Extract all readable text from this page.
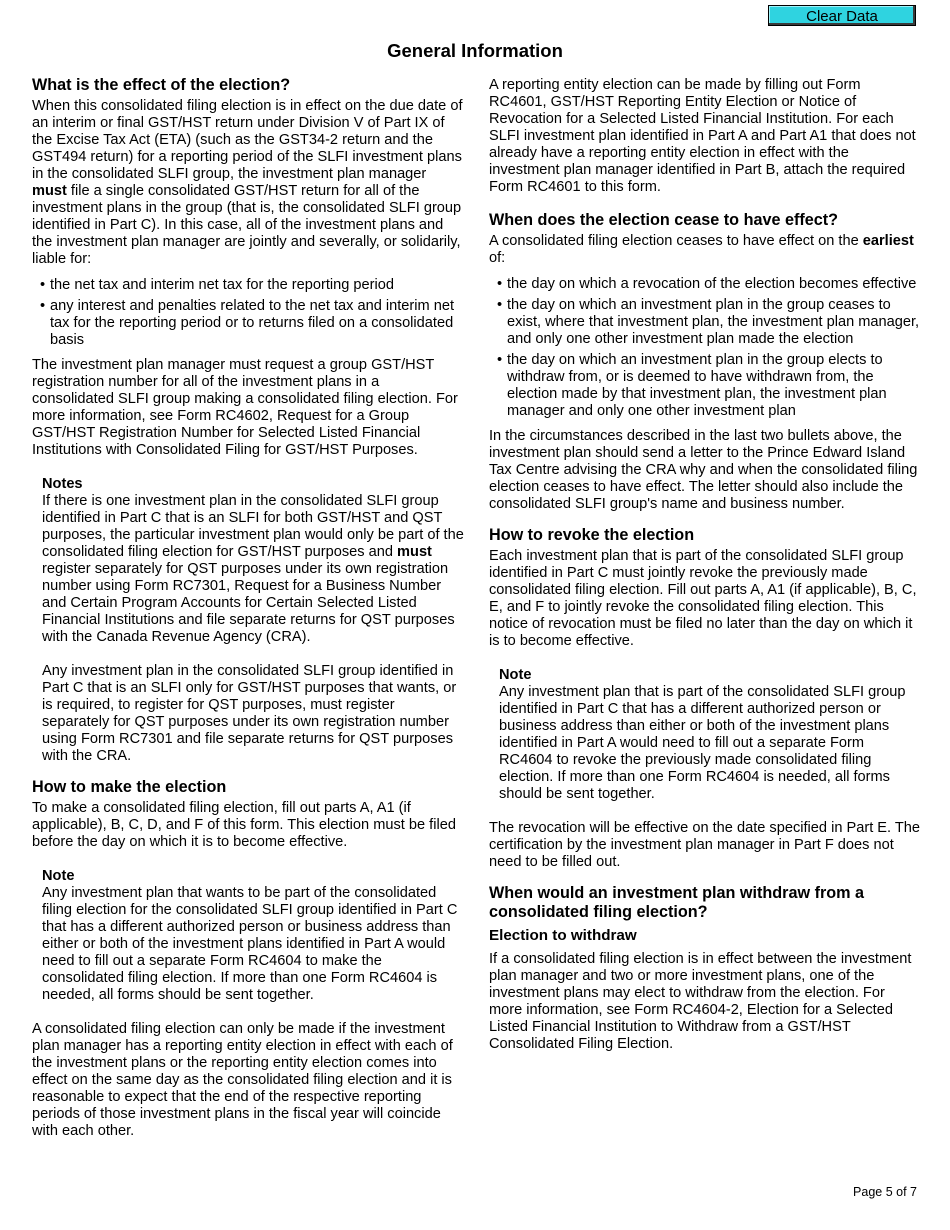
Clear Data
General Information
What is the effect of the election?

When this consolidated filing election is in effect on the due date of an interim or final GST/HST return under Division V of Part IX of the Excise Tax Act (ETA) (such as the GST34-2 return and the GST494 return) for a reporting period of the SLFI investment plans in the consolidated SLFI group, the investment plan manager must file a single consolidated GST/HST return for all of the investment plans in the group (that is, the consolidated SLFI group identified in Part C). In this case, all of the investment plans and the investment plan manager are jointly and severally, or solidarily, liable for:

• the net tax and interim net tax for the reporting period
• any interest and penalties related to the net tax and interim net tax for the reporting period or to returns filed on a consolidated basis

The investment plan manager must request a group GST/HST registration number for all of the investment plans in a consolidated SLFI group making a consolidated filing election. For more information, see Form RC4602, Request for a Group GST/HST Registration Number for Selected Listed Financial Institutions with Consolidated Filing for GST/HST Purposes.

Notes

If there is one investment plan in the consolidated SLFI group identified in Part C that is an SLFI for both GST/HST and QST purposes, the particular investment plan would only be part of the consolidated filing election for GST/HST purposes and must register separately for QST purposes under its own registration number using Form RC7301, Request for a Business Number and Certain Program Accounts for Certain Selected Listed Financial Institutions and file separate returns for QST purposes with the Canada Revenue Agency (CRA).

Any investment plan in the consolidated SLFI group identified in Part C that is an SLFI only for GST/HST purposes that wants, or is required, to register for QST purposes, must register separately for QST purposes under its own registration number using Form RC7301 and file separate returns for QST purposes with the CRA.

How to make the election

To make a consolidated filing election, fill out parts A, A1 (if applicable), B, C, D, and F of this form. This election must be filed before the day on which it is to become effective.

Note

Any investment plan that wants to be part of the consolidated filing election for the consolidated SLFI group identified in Part C that has a different authorized person or business address than either or both of the investment plans identified in Part A would need to fill out a separate Form RC4604 to make the consolidated filing election. If more than one Form RC4604 is needed, all forms should be sent together.

A consolidated filing election can only be made if the investment plan manager has a reporting entity election in effect with each of the investment plans or the reporting entity election comes into effect on the same day as the consolidated filing election and it is reasonable to expect that the end of the respective reporting periods of those investment plans in the fiscal year will coincide with each other.

A reporting entity election can be made by filling out Form RC4601, GST/HST Reporting Entity Election or Notice of Revocation for a Selected Listed Financial Institution. For each SLFI investment plan identified in Part A and Part A1 that does not already have a reporting entity election in effect with the investment plan manager identified in Part B, attach the required Form RC4601 to this form.

When does the election cease to have effect?

A consolidated filing election ceases to have effect on the earliest of:

• the day on which a revocation of the election becomes effective
• the day on which an investment plan in the group ceases to exist, where that investment plan, the investment plan manager, and only one other investment plan made the election
• the day on which an investment plan in the group elects to withdraw from, or is deemed to have withdrawn from, the election made by that investment plan, the investment plan manager and only one other investment plan

In the circumstances described in the last two bullets above, the investment plan should send a letter to the Prince Edward Island Tax Centre advising the CRA why and when the consolidated filing election ceases to have effect. The letter should also include the consolidated SLFI group's name and business number.

How to revoke the election

Each investment plan that is part of the consolidated SLFI group identified in Part C must jointly revoke the previously made consolidated filing election. Fill out parts A, A1 (if applicable), B, C, E, and F to jointly revoke the consolidated filing election. This notice of revocation must be filed no later than the day on which it is to become effective.

Note

Any investment plan that is part of the consolidated SLFI group identified in Part C that has a different authorized person or business address than either or both of the investment plans identified in Part A would need to fill out a separate Form RC4604 to revoke the previously made consolidated filing election. If more than one Form RC4604 is needed, all forms should be sent together.

The revocation will be effective on the date specified in Part E. The certification by the investment plan manager in Part F does not need to be filled out.

When would an investment plan withdraw from a consolidated filing election?
Election to withdraw

If a consolidated filing election is in effect between the investment plan manager and two or more investment plans, one of the investment plans may elect to withdraw from the election. For more information, see Form RC4604-2, Election for a Selected Listed Financial Institution to Withdraw from a GST/HST Consolidated Filing Election.

Page 5 of 7
